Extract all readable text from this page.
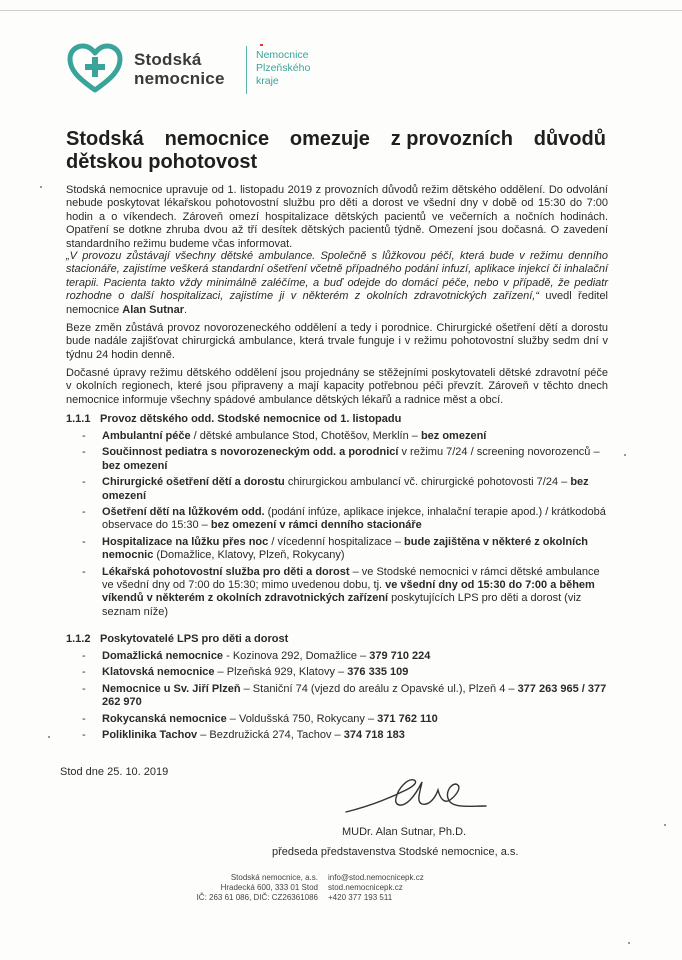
Stodská
nemocnice
Nemocnice
Plzeňského
kraje
Stodská nemocnice omezuje z provozních důvodů
dětskou pohotovost
Stodská nemocnice upravuje od 1. listopadu 2019 z provozních důvodů režim dětského oddělení. Do odvolání nebude poskytovat lékařskou pohotovostní službu pro děti a dorost ve všední dny v době od 15:30 do 7:00 hodin a o víkendech. Zároveň omezí hospitalizace dětských pacientů ve večerních a nočních hodinách. Opatření se dotkne zhruba dvou až tří desítek dětských pacientů týdně. Omezení jsou dočasná. O zavedení standardního režimu budeme včas informovat.
„V provozu zůstávají všechny dětské ambulance. Společně s lůžkovou péčí, která bude v režimu denního stacionáře, zajistíme veškerá standardní ošetření včetně případného podání infuzí, aplikace injekcí či inhalační terapii. Pacienta takto vždy minimálně zaléčíme, a buď odejde do domácí péče, nebo v případě, že pediatr rozhodne o další hospitalizaci, zajistíme ji v některém z okolních zdravotnických zařízení,“ uvedl ředitel nemocnice Alan Sutnar.
Beze změn zůstává provoz novorozeneckého oddělení a tedy i porodnice. Chirurgické ošetření dětí a dorostu bude nadále zajišťovat chirurgická ambulance, která trvale funguje i v režimu pohotovostní služby sedm dní v týdnu 24 hodin denně.
Dočasné úpravy režimu dětského oddělení jsou projednány se stěžejními poskytovateli dětské zdravotní péče v okolních regionech, které jsou připraveny a mají kapacity potřebnou péči převzít. Zároveň v těchto dnech nemocnice informuje všechny spádové ambulance dětských lékařů a radnice měst a obcí.
1.1.1 Provoz dětského odd. Stodské nemocnice od 1. listopadu
- Ambulantní péče / dětské ambulance Stod, Chotěšov, Merklín – bez omezení
- Součinnost pediatra s novorozeneckým odd. a porodnicí v režimu 7/24 / screening novorozenců – bez omezení
- Chirurgické ošetření dětí a dorostu chirurgickou ambulancí vč. chirurgické pohotovosti 7/24 – bez omezení
- Ošetření dětí na lůžkovém odd. (podání infúze, aplikace injekce, inhalační terapie apod.) / krátkodobá observace do 15:30 – bez omezení v rámci denního stacionáře
- Hospitalizace na lůžku přes noc / vícedenní hospitalizace – bude zajištěna v některé z okolních nemocnic (Domažlice, Klatovy, Plzeň, Rokycany)
- Lékařská pohotovostní služba pro děti a dorost – ve Stodské nemocnici v rámci dětské ambulance ve všední dny od 7:00 do 15:30; mimo uvedenou dobu, tj. ve všední dny od 15:30 do 7:00 a během víkendů v některém z okolních zdravotnických zařízení poskytujících LPS pro děti a dorost (viz seznam níže)
1.1.2 Poskytovatelé LPS pro děti a dorost
- Domažlická nemocnice - Kozinova 292, Domažlice – 379 710 224
- Klatovská nemocnice – Plzeňská 929, Klatovy – 376 335 109
- Nemocnice u Sv. Jiří Plzeň – Staniční 74 (vjezd do areálu z Opavské ul.), Plzeň 4 – 377 263 965 / 377 262 970
- Rokycanská nemocnice – Voldušská 750, Rokycany – 371 762 110
- Poliklinika Tachov – Bezdružická 274, Tachov – 374 718 183
Stod dne 25. 10. 2019
MUDr. Alan Sutnar, Ph.D.
předseda představenstva Stodské nemocnice, a.s.
Stodská nemocnice, a.s.
Hradecká 600, 333 01 Stod
IČ: 263 61 086, DIČ: CZ26361086
info@stod.nemocnicepk.cz
stod.nemocnicepk.cz
+420 377 193 511
